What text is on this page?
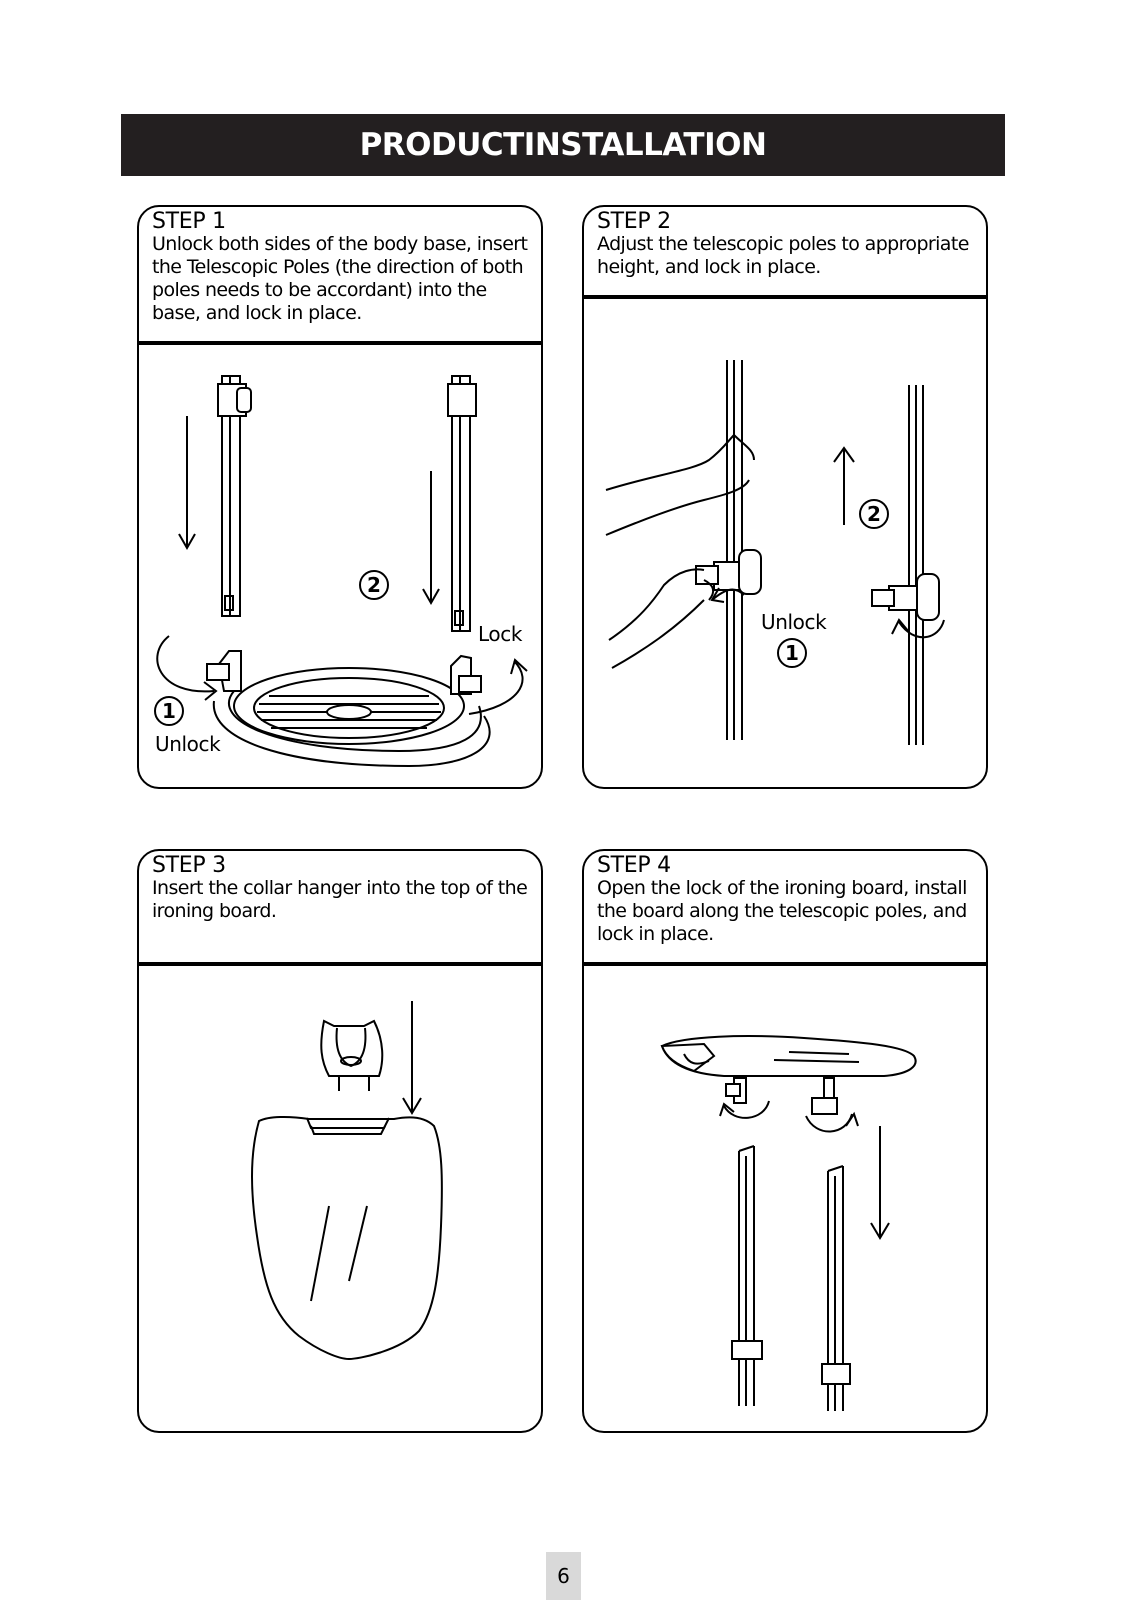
PRODUCTINSTALLATION

STEP 1

Unlock both sides of the body base, insert the Telescopic Poles (the direction of both poles needs to be accordant) into the base, and lock in place.

Lock
Unlock
1
2

STEP 2

Adjust the telescopic poles to appropriate height, and lock in place.

Unlock
1
2

STEP 3

Insert the collar hanger into the top of the ironing board.

STEP 4

Open the lock of the ironing board, install the board along the telescopic poles, and lock in place.

6
